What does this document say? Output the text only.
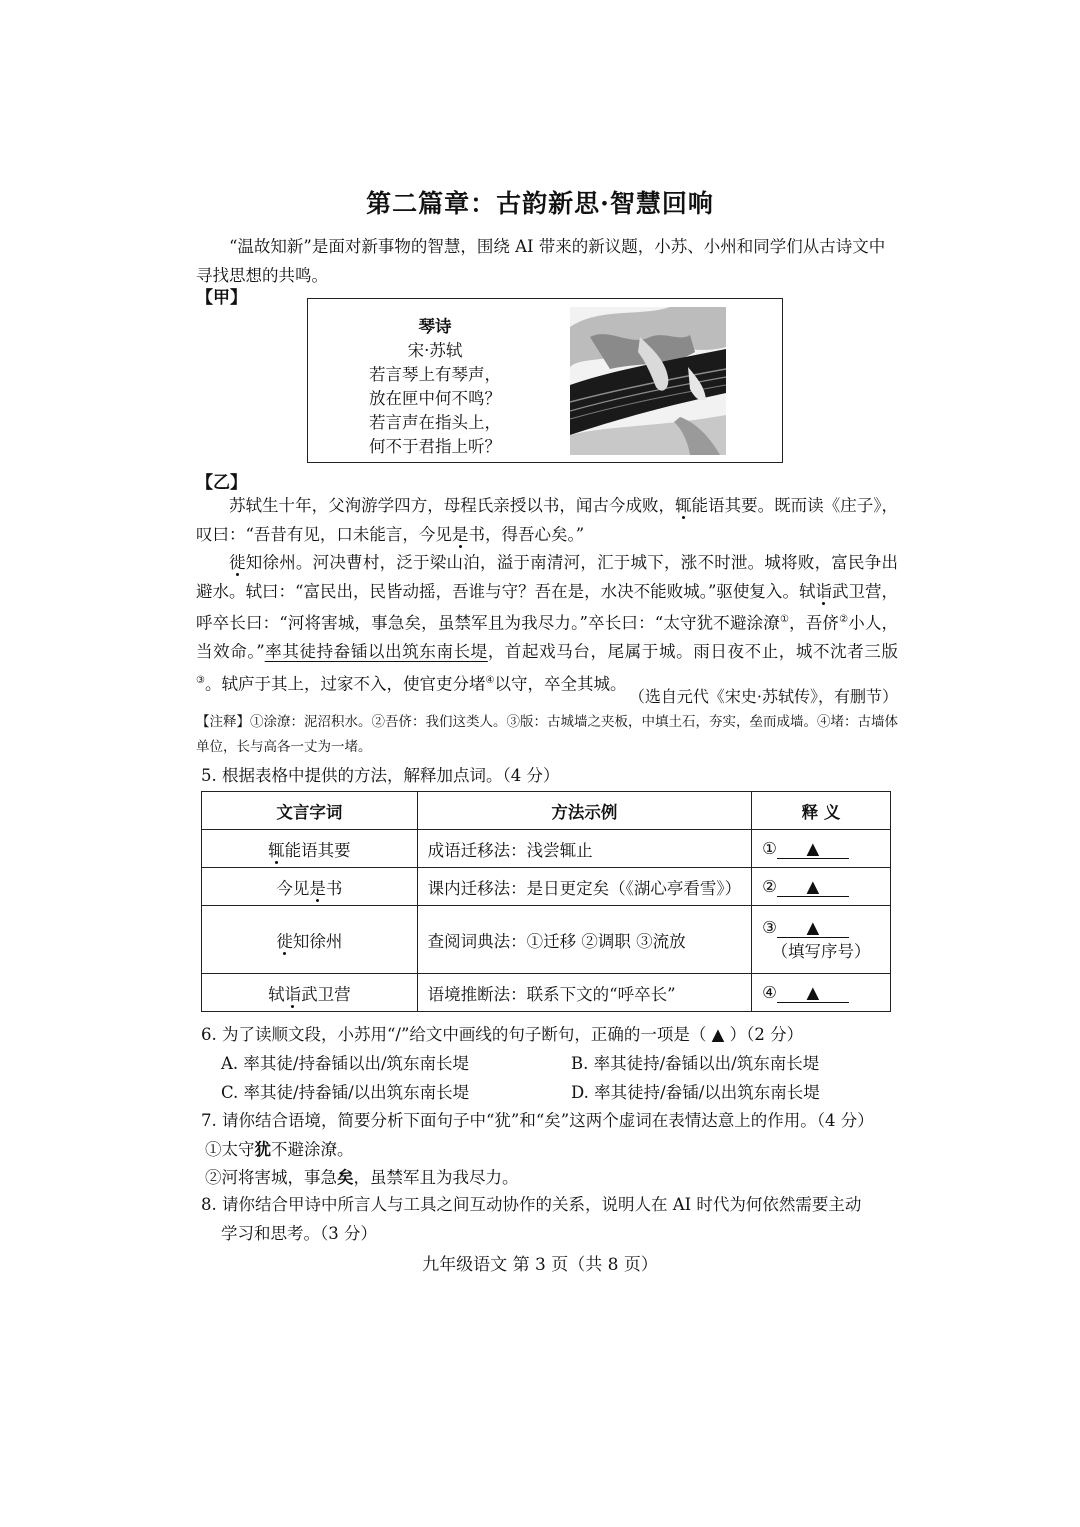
第二篇章：古韵新思·智慧回响
“温故知新”是面对新事物的智慧，围绕 AI 带来的新议题，小苏、小州和同学们从古诗文中寻找思想的共鸣。
【甲】
琴诗
宋·苏轼
若言琴上有琴声，
放在匣中何不鸣？
若言声在指头上，
何不于君指上听？
【乙】

苏轼生十年，父洵游学四方，母程氏亲授以书，闻古今成败，辄能语其要。既而读《庄子》，叹曰：“吾昔有见，口未能言，今见是书，得吾心矣。”

徙知徐州。河决曹村，泛于梁山泊，溢于南清河，汇于城下，涨不时泄。城将败，富民争出避水。轼曰：“富民出，民皆动摇，吾谁与守？吾在是，水决不能败城。”驱使复入。轼诣武卫营，呼卒长曰：“河将害城，事急矣，虽禁军且为我尽力。”卒长曰：“太守犹不避涂潦①，吾侪②小人，当效命。”率其徒持畚锸以出筑东南长堤，首起戏马台，尾属于城。雨日夜不止，城不沈者三版③。轼庐于其上，过家不入，使官吏分堵④以守，卒全其城。

（选自元代《宋史·苏轼传》，有删节）
【注释】①涂潦：泥沼积水。②吾侪：我们这类人。③版：古城墙之夹板，中填土石，夯实，垒而成墙。④堵：古墙体单位，长与高各一丈为一堵。
5. 根据表格中提供的方法，解释加点词。（4 分）
文言字词	方法示例	释 义
辄能语其要	成语迁移法：浅尝辄止	① ▲
今见是书	课内迁移法：是日更定矣（《湖心亭看雪》）	② ▲
徙知徐州	查阅词典法：①迁移 ②调职 ③流放	③ ▲
（填写序号）

轼诣武卫营	语境推断法：联系下文的“呼卒长”	④ ▲
6. 为了读顺文段，小苏用“/”给文中画线的句子断句，正确的一项是（ ▲ ）（2 分）
A. 率其徒/持畚锸以出/筑东南长堤	B. 率其徒持/畚锸以出/筑东南长堤
C. 率其徒/持畚锸/以出筑东南长堤	D. 率其徒持/畚锸/以出筑东南长堤
7. 请你结合语境，简要分析下面句子中“犹”和“矣”这两个虚词在表情达意上的作用。（4 分）
①太守犹不避涂潦。
②河将害城，事急矣，虽禁军且为我尽力。
8. 请你结合甲诗中所言人与工具之间互动协作的关系，说明人在 AI 时代为何依然需要主动
学习和思考。（3 分）
九年级语文 第 3 页（共 8 页）
